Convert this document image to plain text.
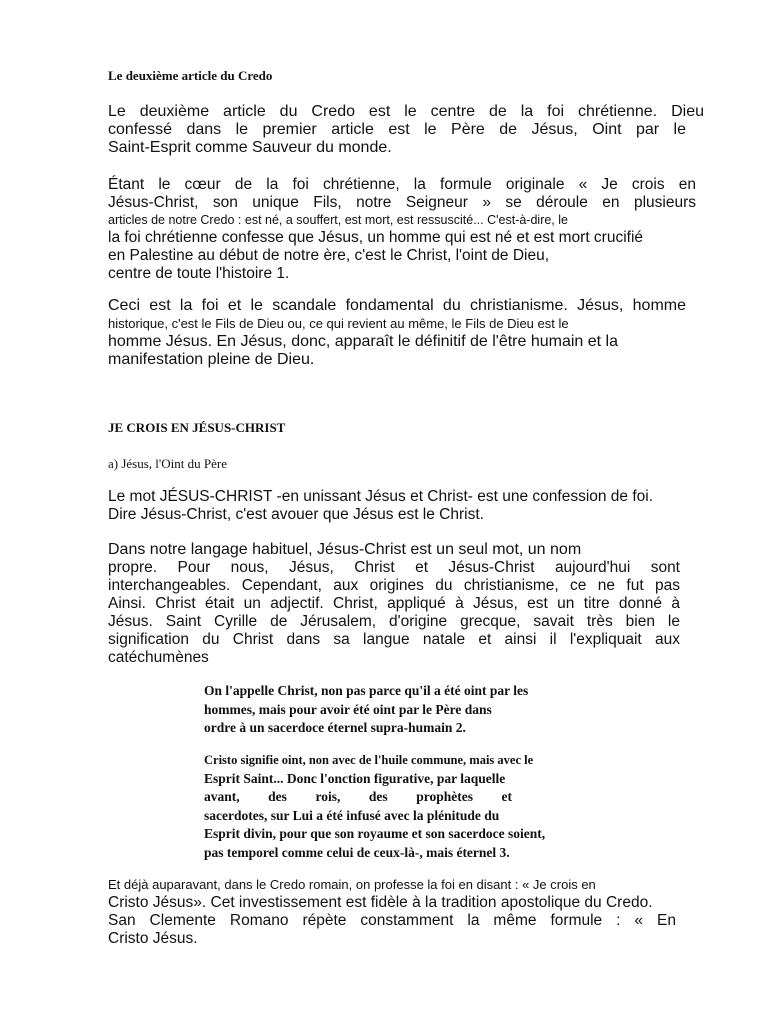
Le deuxième article du Credo
Le deuxième article du Credo est le centre de la foi chrétienne. Dieu
confessé dans le premier article est le Père de Jésus, Oint par le
Saint-Esprit comme Sauveur du monde.
Étant le cœur de la foi chrétienne, la formule originale « Je crois en
Jésus-Christ, son unique Fils, notre Seigneur » se déroule en plusieurs
articles de notre Credo : est né, a souffert, est mort, est ressuscité... C'est-à-dire, le
la foi chrétienne confesse que Jésus, un homme qui est né et est mort crucifié
en Palestine au début de notre ère, c'est le Christ, l'oint de Dieu,
centre de toute l'histoire 1.
Ceci est la foi et le scandale fondamental du christianisme. Jésus, homme
historique, c'est le Fils de Dieu ou, ce qui revient au même, le Fils de Dieu est le
homme Jésus. En Jésus, donc, apparaît le définitif de l'être humain et la
manifestation pleine de Dieu.
JE CROIS EN JÉSUS-CHRIST
a) Jésus, l'Oint du Père
Le mot JÉSUS-CHRIST -en unissant Jésus et Christ- est une confession de foi.
Dire Jésus-Christ, c'est avouer que Jésus est le Christ.
Dans notre langage habituel, Jésus-Christ est un seul mot, un nom
propre. Pour nous, Jésus, Christ et Jésus-Christ aujourd'hui sont
interchangeables. Cependant, aux origines du christianisme, ce ne fut pas
Ainsi. Christ était un adjectif. Christ, appliqué à Jésus, est un titre donné à
Jésus. Saint Cyrille de Jérusalem, d'origine grecque, savait très bien le
signification du Christ dans sa langue natale et ainsi il l'expliquait aux
catéchumènes
On l'appelle Christ, non pas parce qu'il a été oint par les
hommes, mais pour avoir été oint par le Père dans
ordre à un sacerdoce éternel supra-humain 2.
Cristo signifie oint, non avec de l'huile commune, mais avec le
Esprit Saint... Donc l'onction figurative, par laquelle
avant, des rois, des prophètes et
sacerdotes, sur Lui a été infusé avec la plénitude du
Esprit divin, pour que son royaume et son sacerdoce soient,
pas temporel comme celui de ceux-là-, mais éternel 3.
Et déjà auparavant, dans le Credo romain, on professe la foi en disant : « Je crois en
Cristo Jésus». Cet investissement est fidèle à la tradition apostolique du Credo.
San Clemente Romano répète constamment la même formule : « En
Cristo Jésus.
